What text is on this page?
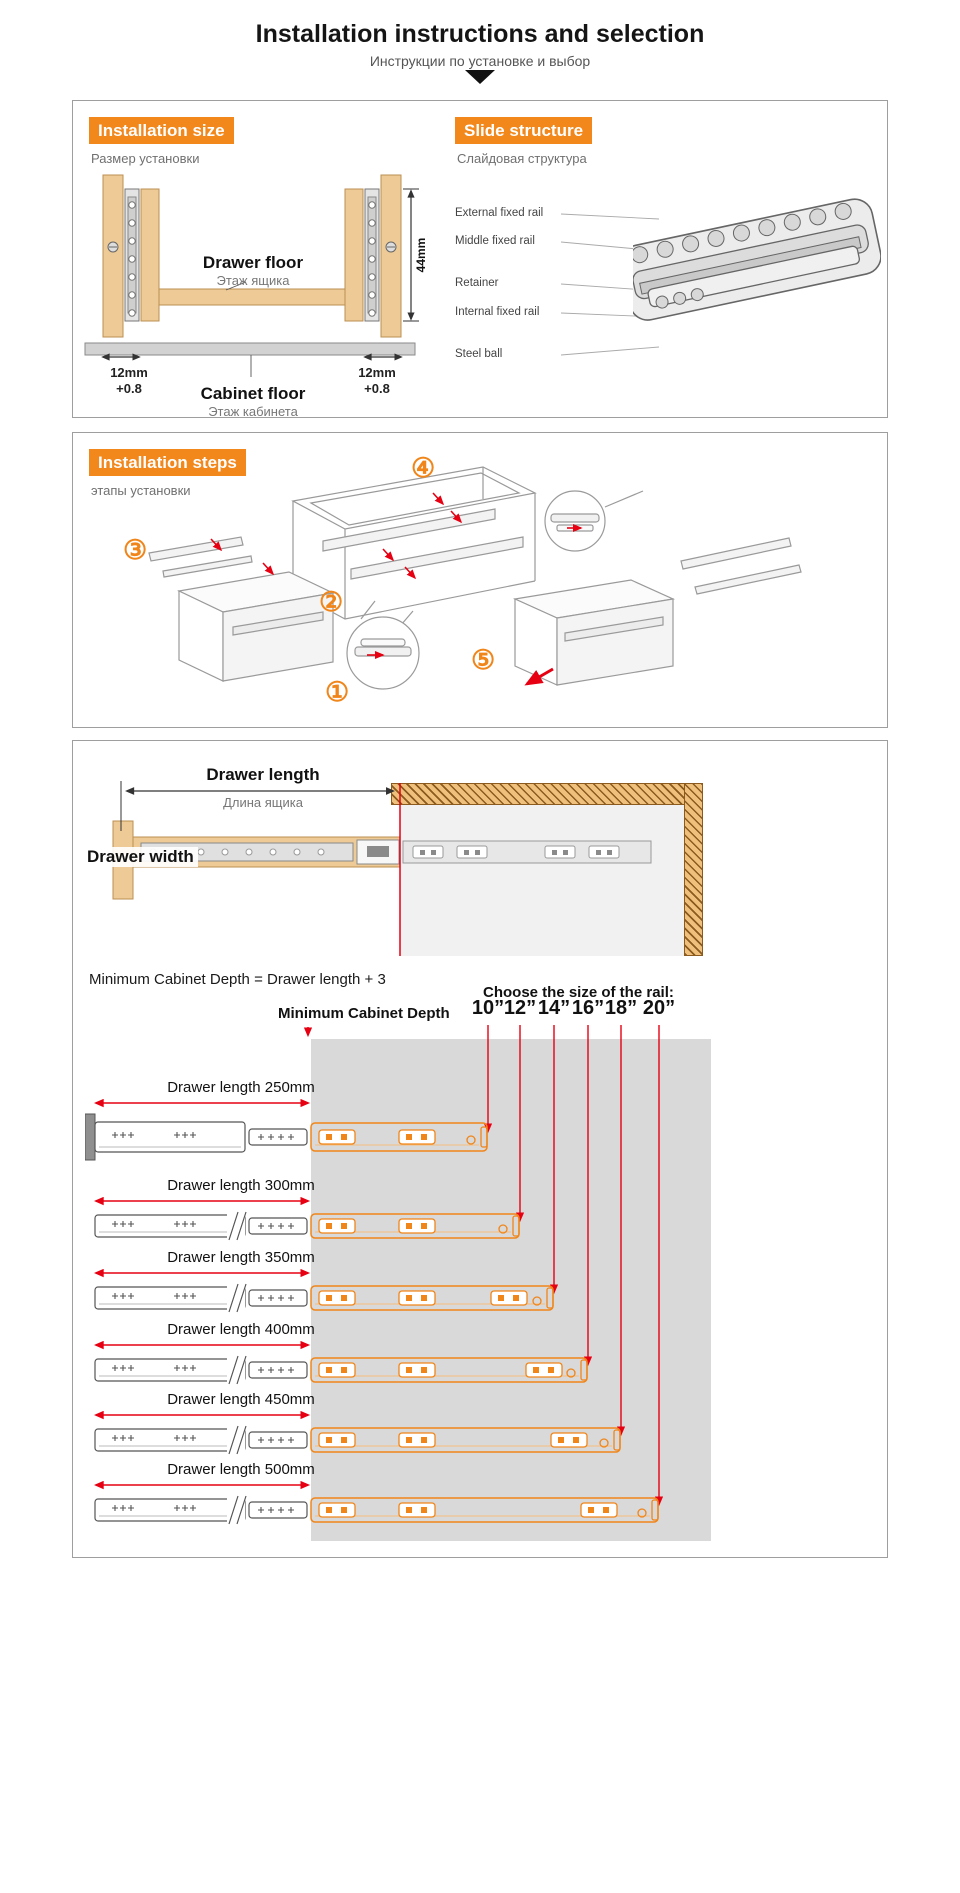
Installation instructions and selection
Инструкции по установке и выбор
Installation size
Размер установки
44mm
Drawer floor
Этаж ящика
12mm
+0.8
12mm
+0.8
Cabinet floor
Этаж кабинета
Slide structure
Слайдовая структура
External fixed rail
Middle fixed rail
Retainer
Internal fixed rail
Steel ball
Installation steps
этапы установки
①
②
③
④
⑤
Drawer length
Длина ящика
Drawer width
Minimum Cabinet Depth = Drawer length + 3
Choose the size of the rail:
Minimum Cabinet Depth 10” 12” 14” 16” 18” 20”
Drawer length 250mm
Drawer length 300mm
Drawer length 350mm
Drawer length 400mm
Drawer length 450mm
Drawer length 500mm
